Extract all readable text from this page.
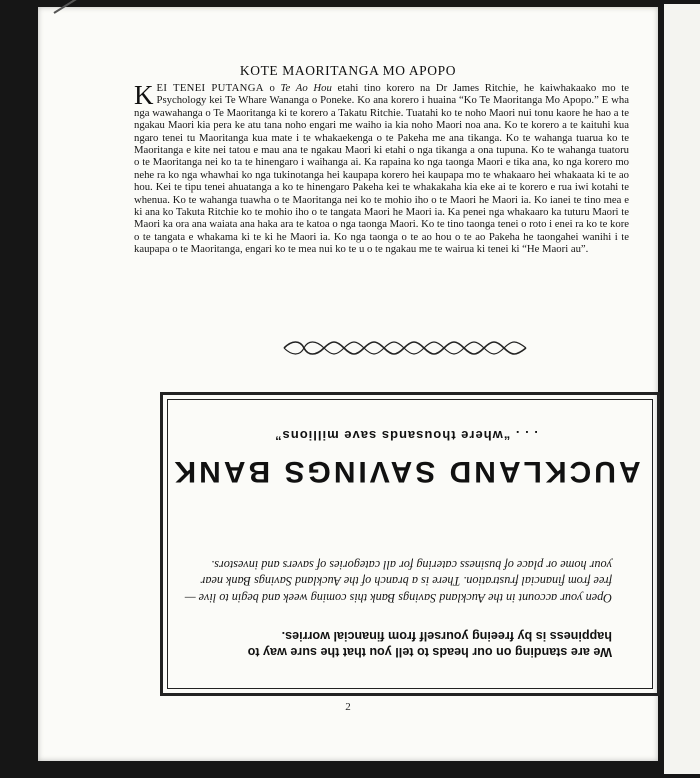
KOTE MAORITANGA MO APOPO

KEI TENEI PUTANGA o Te Ao Hou etahi tino korero na Dr James Ritchie, he kaiwhakaako mo te Psychology kei Te Whare Wananga o Poneke. Ko ana korero i huaina “Ko Te Maoritanga Mo Apopo.” E wha nga wawahanga o Te Maoritanga ki te korero a Takatu Ritchie. Tuatahi ko te noho Maori nui tonu kaore he hao a te ngakau Maori kia pera ke atu tana noho engari me waiho ia kia noho Maori noa ana. Ko te korero a te kaituhi kua ngaro tenei tu Maoritanga kua mate i te whakaekenga o te Pakeha me ana tikanga. Ko te wahanga tuarua ko te Maoritanga e kite nei tatou e mau ana te ngakau Maori ki etahi o nga tikanga a ona tupuna. Ko te wahanga tuatoru o te Maoritanga nei ko ta te hinengaro i waihanga ai. Ka rapaina ko nga taonga Maori e tika ana, ko nga korero mo nehe ra ko nga whawhai ko nga tukinotanga hei kaupapa korero hei kaupapa mo te whakaaro hei whakaata ki te ao hou. Kei te tipu tenei ahuatanga a ko te hinengaro Pakeha kei te whakakaha kia eke ai te korero e rua iwi kotahi te whenua. Ko te wahanga tuawha o te Maoritanga nei ko te mohio iho o te Maori he Maori ia. Ko ianei te tino mea e ki ana ko Takuta Ritchie ko te mohio iho o te tangata Maori he Maori ia. Ka penei nga whakaaro ka tuturu Maori te Maori ka ora ana waiata ana haka ara te katoa o nga taonga Maori. Ko te tino taonga tenei o roto i enei ra ko te kore o te tangata e whakama ki te ki he Maori ia. Ko nga taonga o te ao hou o te ao Pakeha he taongahei wanihi i te kaupapa o te Maoritanga, engari ko te mea nui ko te u o te ngakau me te wairua ki tenei ki “He Maori au”.

We are standing on our heads to tell you that the sure way to happiness is by freeing yourself from financial worries.

Open your account in the Auckland Savings Bank this coming week and begin to live — free from financial frustration. There is a branch of the Auckland Savings Bank near your home or place of business catering for all categories of savers and investors.

AUCKLAND SAVINGS BANK
. . . “where thousands save millions”
2
